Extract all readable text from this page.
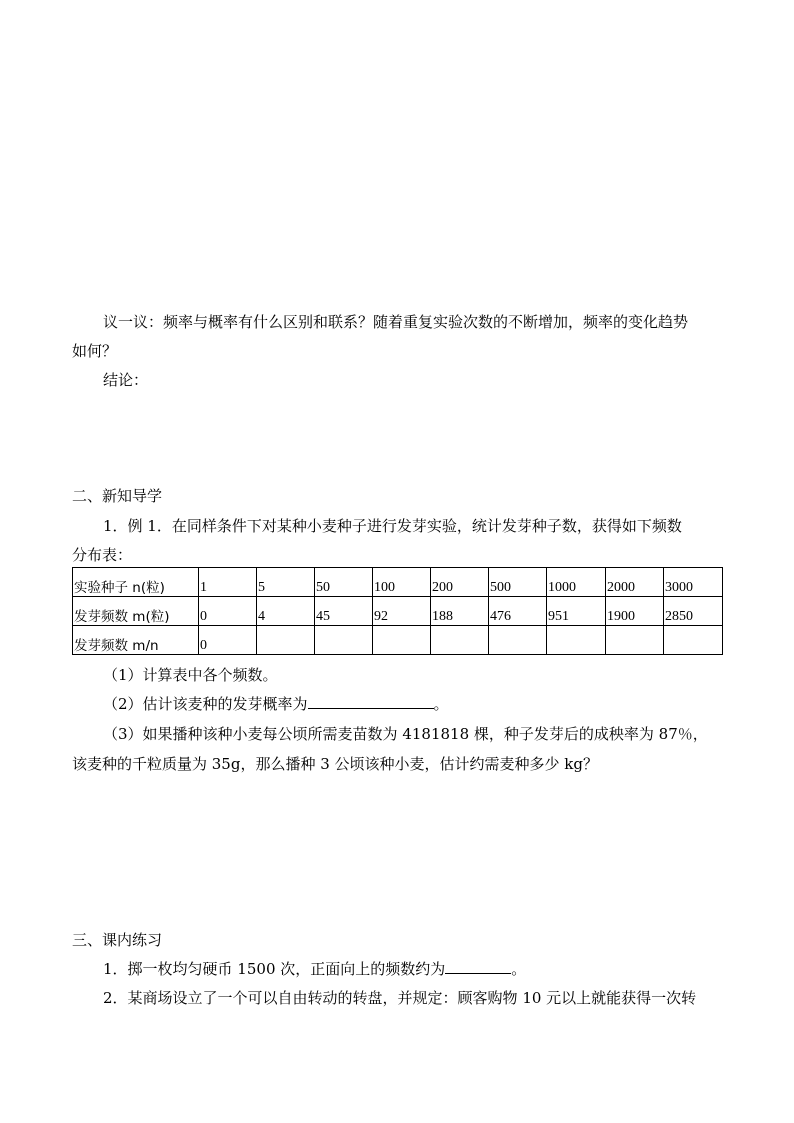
议一议：频率与概率有什么区别和联系？随着重复实验次数的不断增加，频率的变化趋势
如何？
结论：
二、新知导学
1．例 1．在同样条件下对某种小麦种子进行发芽实验，统计发芽种子数，获得如下频数
分布表：
实验种子 n(粒)	1	5	50	100	200	500	1000	2000	3000
发芽频数 m(粒)	0	4	45	92	188	476	951	1900	2850
发芽频数 m/n	0								
（1）计算表中各个频数。
（2）估计该麦种的发芽概率为	。
（3）如果播种该种小麦每公顷所需麦苗数为 4181818 棵，种子发芽后的成秧率为 87％，
该麦种的千粒质量为 35g，那么播种 3 公顷该种小麦，估计约需麦种多少 kg？
三、课内练习
1．掷一枚均匀硬币 1500 次，正面向上的频数约为	。
2．某商场设立了一个可以自由转动的转盘，并规定：顾客购物 10 元以上就能获得一次转
